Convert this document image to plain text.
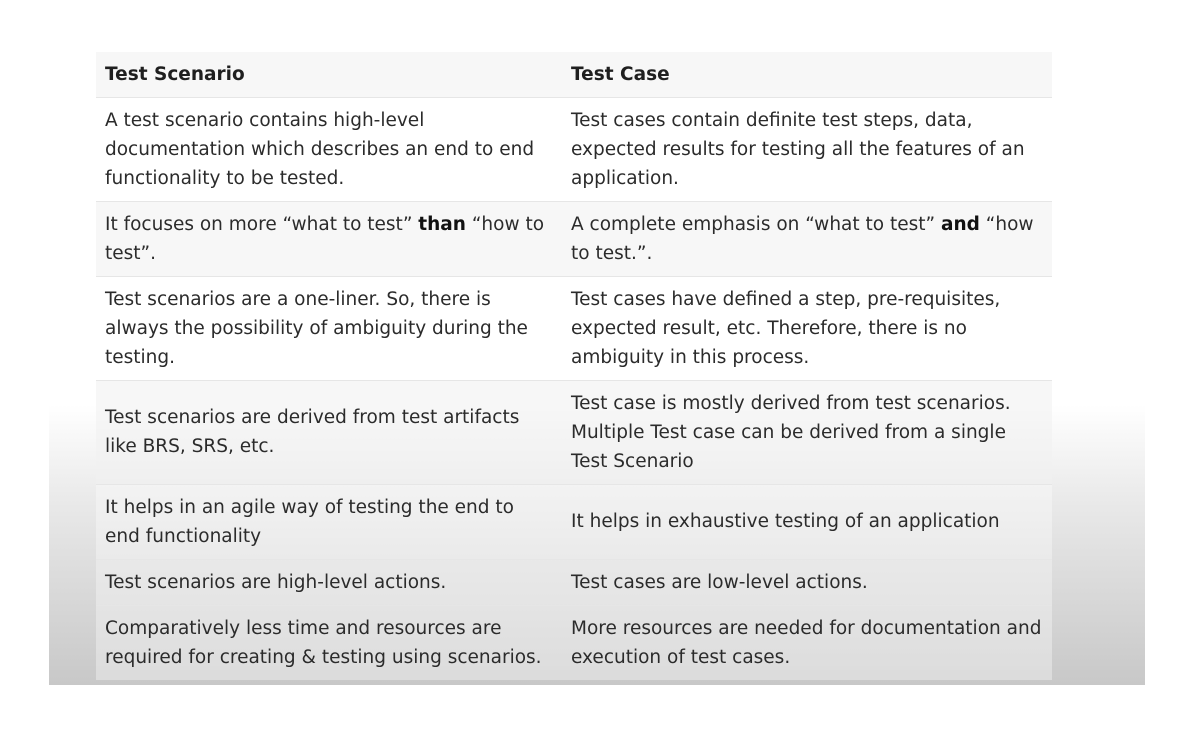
Test Scenario	Test Case
A test scenario contains high-level documentation which describes an end to end functionality to be tested.	Test cases contain definite test steps, data, expected results for testing all the features of an application.
It focuses on more “what to test” than “how to test”.	A complete emphasis on “what to test” and “how to test.”.
Test scenarios are a one-liner. So, there is always the possibility of ambiguity during the testing.	Test cases have defined a step, pre-requisites, expected result, etc. Therefore, there is no ambiguity in this process.
Test scenarios are derived from test artifacts like BRS, SRS, etc.	Test case is mostly derived from test scenarios. Multiple Test case can be derived from a single Test Scenario
It helps in an agile way of testing the end to end functionality	It helps in exhaustive testing of an application
Test scenarios are high-level actions.	Test cases are low-level actions.
Comparatively less time and resources are required for creating & testing using scenarios.	More resources are needed for documentation and execution of test cases.
